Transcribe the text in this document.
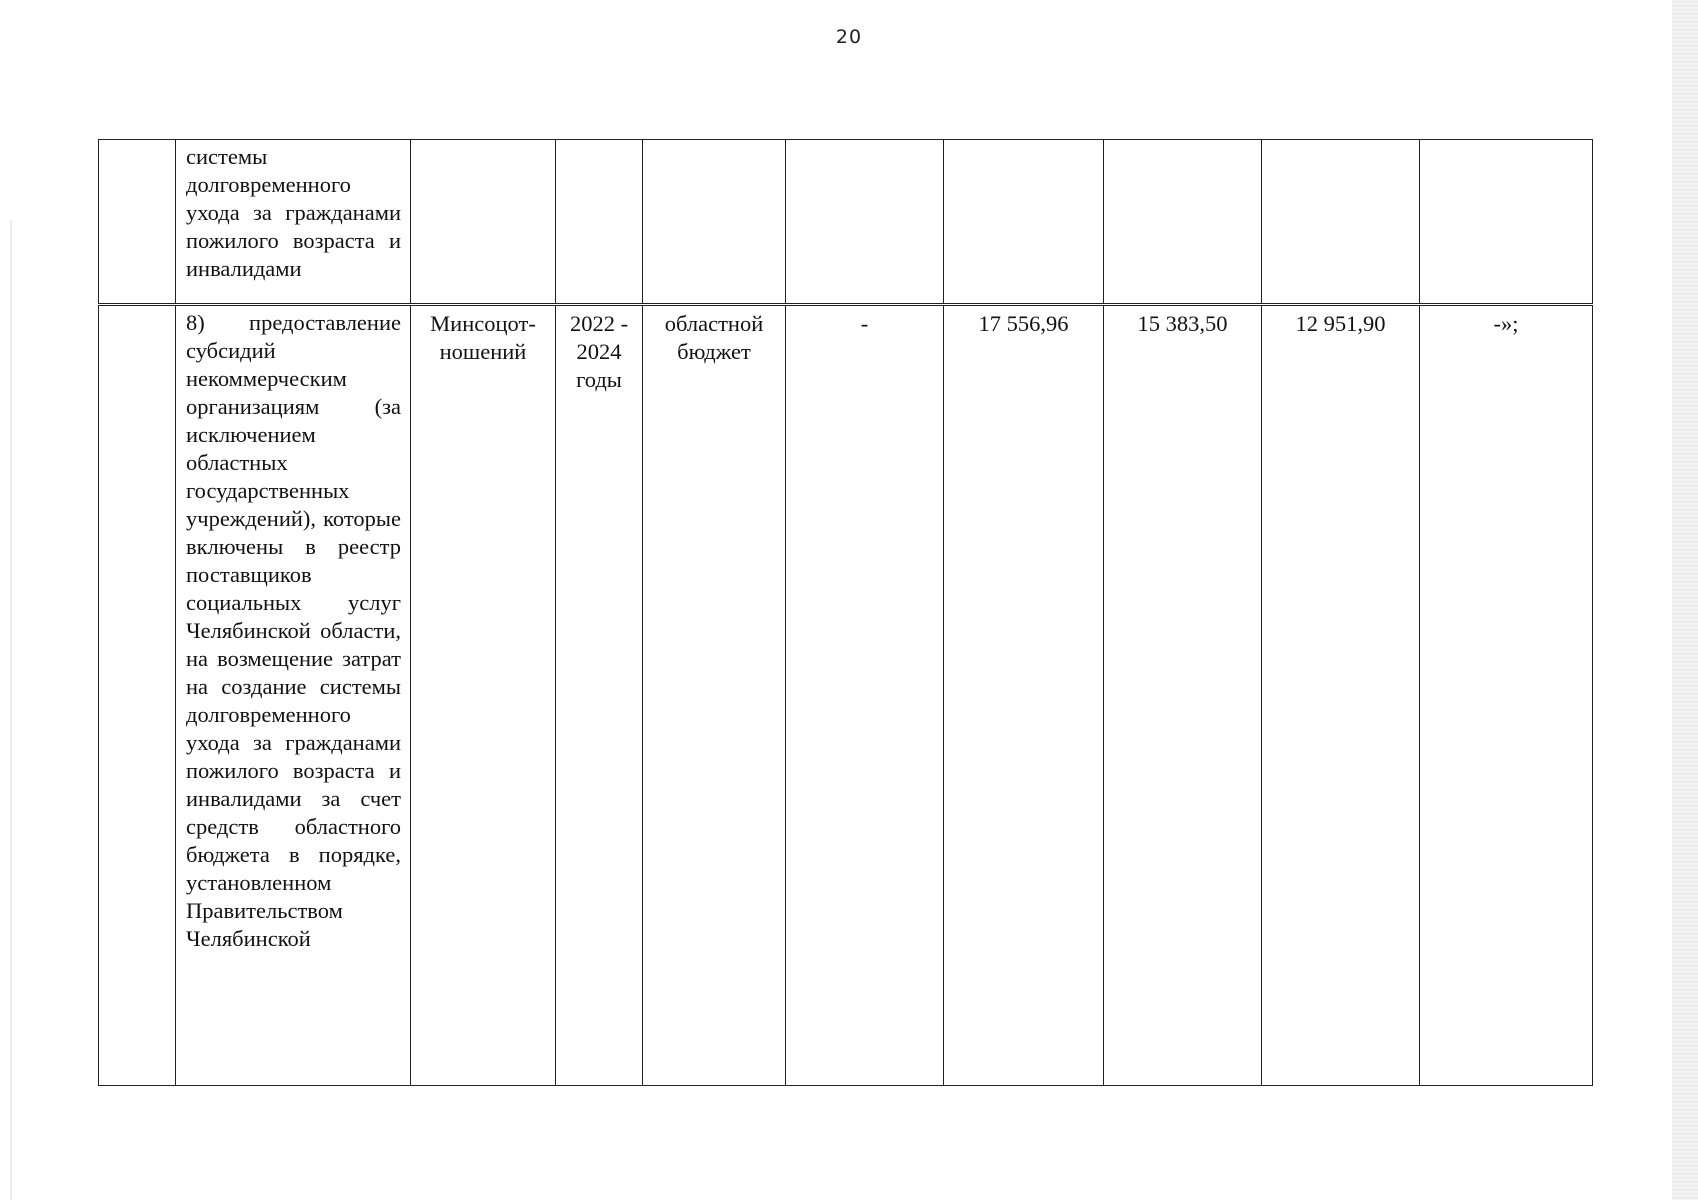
20
	системы долговременного ухода за гражданами пожилого возраста и инвалидами								
	8) предоставление субсидий некоммерческим организациям (за исключением областных государственных учреждений), которые включены в реестр поставщиков социальных услуг Челябинской области, на возмещение затрат на создание системы долговременного ухода за гражданами пожилого возраста и инвалидами за счет средств областного бюджета в порядке, установленном Правительством Челябинской	Минсоцот-ношений	2022 - 2024 годы	областной бюджет	-	17 556,96	15 383,50	12 951,90	-»;
